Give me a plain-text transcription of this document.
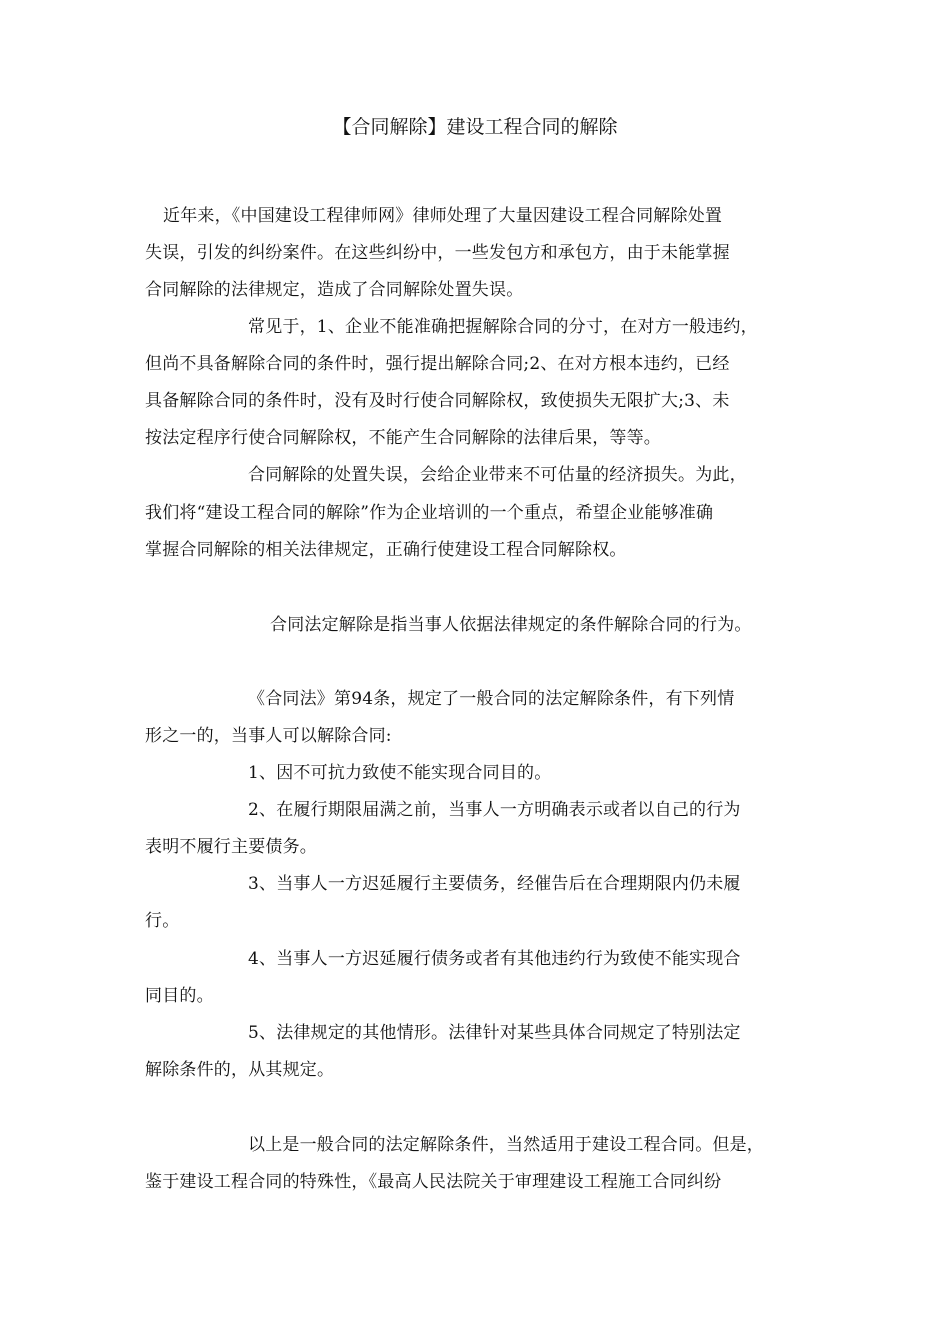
【合同解除】建设工程合同的解除
近年来，《中国建设工程律师网》律师处理了大量因建设工程合同解除处置
失误，引发的纠纷案件。在这些纠纷中，一些发包方和承包方，由于未能掌握
合同解除的法律规定，造成了合同解除处置失误。
常见于，1、企业不能准确把握解除合同的分寸，在对方一般违约，
但尚不具备解除合同的条件时，强行提出解除合同;2、在对方根本违约，已经
具备解除合同的条件时，没有及时行使合同解除权，致使损失无限扩大;3、未
按法定程序行使合同解除权，不能产生合同解除的法律后果，等等。
合同解除的处置失误，会给企业带来不可估量的经济损失。为此，
我们将“建设工程合同的解除”作为企业培训的一个重点，希望企业能够准确
掌握合同解除的相关法律规定，正确行使建设工程合同解除权。
合同法定解除是指当事人依据法律规定的条件解除合同的行为。
《合同法》第94条，规定了一般合同的法定解除条件，有下列情
形之一的，当事人可以解除合同:
1、因不可抗力致使不能实现合同目的。
2、在履行期限届满之前，当事人一方明确表示或者以自己的行为
表明不履行主要债务。
3、当事人一方迟延履行主要债务，经催告后在合理期限内仍未履
行。
4、当事人一方迟延履行债务或者有其他违约行为致使不能实现合
同目的。
5、法律规定的其他情形。法律针对某些具体合同规定了特别法定
解除条件的，从其规定。
以上是一般合同的法定解除条件，当然适用于建设工程合同。但是，
鉴于建设工程合同的特殊性，《最高人民法院关于审理建设工程施工合同纠纷
